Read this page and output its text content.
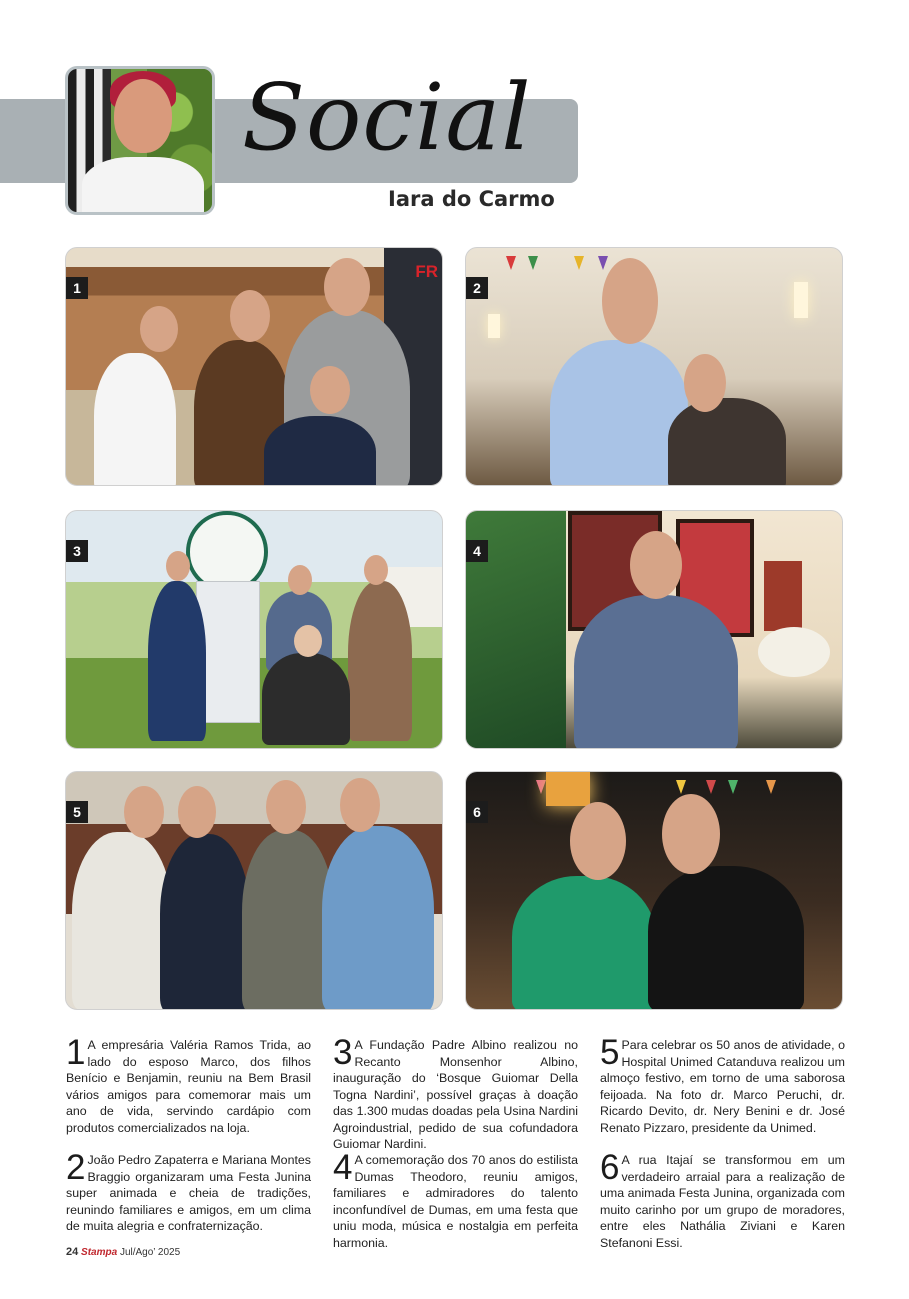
Social

Iara do Carmo

FR
1	2
3	4
5	6

1 A empresária Valéria Ramos Trida, ao lado do esposo Marco, dos filhos Benício e Benjamin, reuniu na Bem Brasil vários amigos para comemorar mais um ano de vida, servindo cardápio com produtos comercializados na loja.

2 João Pedro Zapaterra e Mariana Montes Braggio organizaram uma Festa Junina super animada e cheia de tradições, reunindo familiares e amigos, em um clima de muita alegria e confraternização.

3 A Fundação Padre Albino realizou no Recanto Monsenhor Albino, inauguração do ‘Bosque Guiomar Della Togna Nardini’, possível graças à doação das 1.300 mudas doadas pela Usina Nardini Agroindustrial, pedido de sua cofundadora Guiomar Nardini.

4 A comemoração dos 70 anos do estilista Dumas Theodoro, reuniu amigos, familiares e admiradores do talento inconfundível de Dumas, em uma festa que uniu moda, música e nostalgia em perfeita harmonia.

5 Para celebrar os 50 anos de atividade, o Hospital Unimed Catanduva realizou um almoço festivo, em torno de uma saborosa feijoada. Na foto dr. Marco Peruchi, dr. Ricardo Devito, dr. Nery Benini e dr. José Renato Pizzaro, presidente da Unimed.

6 A rua Itajaí se transformou em um verdadeiro arraial para a realização de uma animada Festa Junina, organizada com muito carinho por um grupo de moradores, entre eles Nathália Ziviani e Karen Stefanoni Essi.

24 Stampa Jul/Ago’ 2025
